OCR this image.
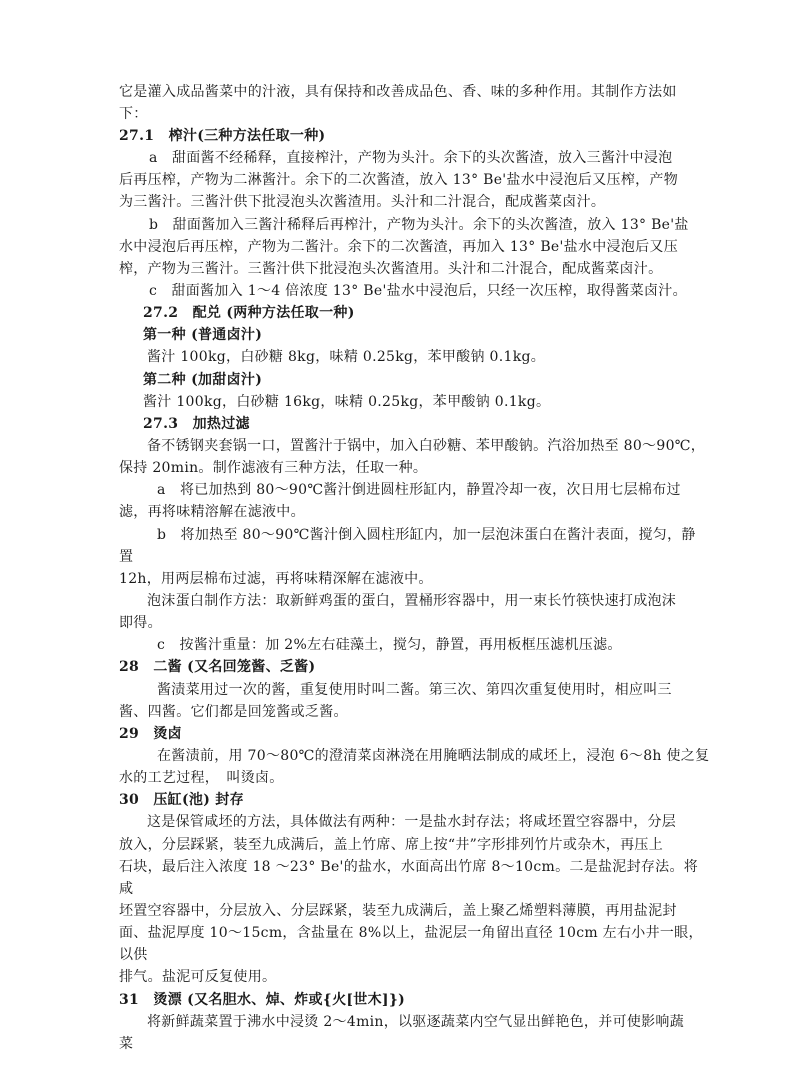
它是灌入成品酱菜中的汁液，具有保持和改善成品色、香、味的多种作用。其制作方法如
下：
27.1　榨汁(三种方法任取一种)
a　甜面酱不经稀释，直接榨汁，产物为头汁。余下的头次酱渣，放入三酱汁中浸泡
后再压榨，产物为二淋酱汁。余下的二次酱渣，放入 13° Be'盐水中浸泡后又压榨，产物
为三酱汁。三酱汁供下批浸泡头次酱渣用。头汁和二汁混合，配成酱菜卤汁。
b　甜面酱加入三酱汁稀释后再榨汁，产物为头汁。余下的头次酱渣，放入 13° Be'盐
水中浸泡后再压榨，产物为二酱汁。余下的二次酱渣，再加入 13° Be'盐水中浸泡后又压
榨，产物为三酱汁。三酱汁供下批浸泡头次酱渣用。头汁和二汁混合，配成酱菜卤汁。
c　甜面酱加入 1～4 倍浓度 13° Be'盐水中浸泡后，只经一次压榨，取得酱菜卤汁。
27.2　配兑 (两种方法任取一种)
第一种 (普通卤汁)
酱汁 100kg，白砂糖 8kg，味精 0.25kg，苯甲酸钠 0.1kg。
第二种 (加甜卤汁)
酱汁 100kg，白砂糖 16kg，味精 0.25kg，苯甲酸钠 0.1kg。
27.3　加热过滤
备不锈钢夹套锅一口，置酱汁于锅中，加入白砂糖、苯甲酸钠。汽浴加热至 80～90℃，
保持 20min。制作滤液有三种方法，任取一种。
a　将已加热到 80～90℃酱汁倒进圆柱形缸内，静置冷却一夜，次日用七层棉布过
滤，再将味精溶解在滤液中。
b　将加热至 80～90℃酱汁倒入圆柱形缸内，加一层泡沫蛋白在酱汁表面，搅匀，静
置
12h，用两层棉布过滤，再将味精深解在滤液中。
泡沫蛋白制作方法：取新鲜鸡蛋的蛋白，置桶形容器中，用一束长竹筷快速打成泡沫
即得。
c　按酱汁重量：加 2%左右硅藻土，搅匀，静置，再用板框压滤机压滤。
28　二酱 (又名回笼酱、乏酱)
酱渍菜用过一次的酱，重复使用时叫二酱。第三次、第四次重复使用时，相应叫三
酱、四酱。它们都是回笼酱或乏酱。
29　烫卤
在酱渍前，用 70～80℃的澄清菜卤淋浇在用腌晒法制成的咸坯上，浸泡 6～8h 使之复
水的工艺过程，　叫烫卤。
30　压缸(池) 封存
这是保管咸坯的方法，具体做法有两种：一是盐水封存法；将咸坯置空容器中，分层
放入，分层踩紧，装至九成满后，盖上竹席、席上按“井”字形排列竹片或杂木，再压上
石块，最后注入浓度 18 ～23° Be'的盐水，水面高出竹席 8～10cm。二是盐泥封存法。将
咸
坯置空容器中，分层放入、分层踩紧，装至九成满后，盖上聚乙烯塑料薄膜，再用盐泥封
面、盐泥厚度 10～15cm，含盐量在 8%以上，盐泥层一角留出直径 10cm 左右小井一眼，
以供
排气。盐泥可反复使用。
31　烫漂 (又名胆水、焯、炸或{火[世木]})
将新鲜蔬菜置于沸水中浸烫 2～4min，以驱逐蔬菜内空气显出鲜艳色，并可使影响蔬
菜
